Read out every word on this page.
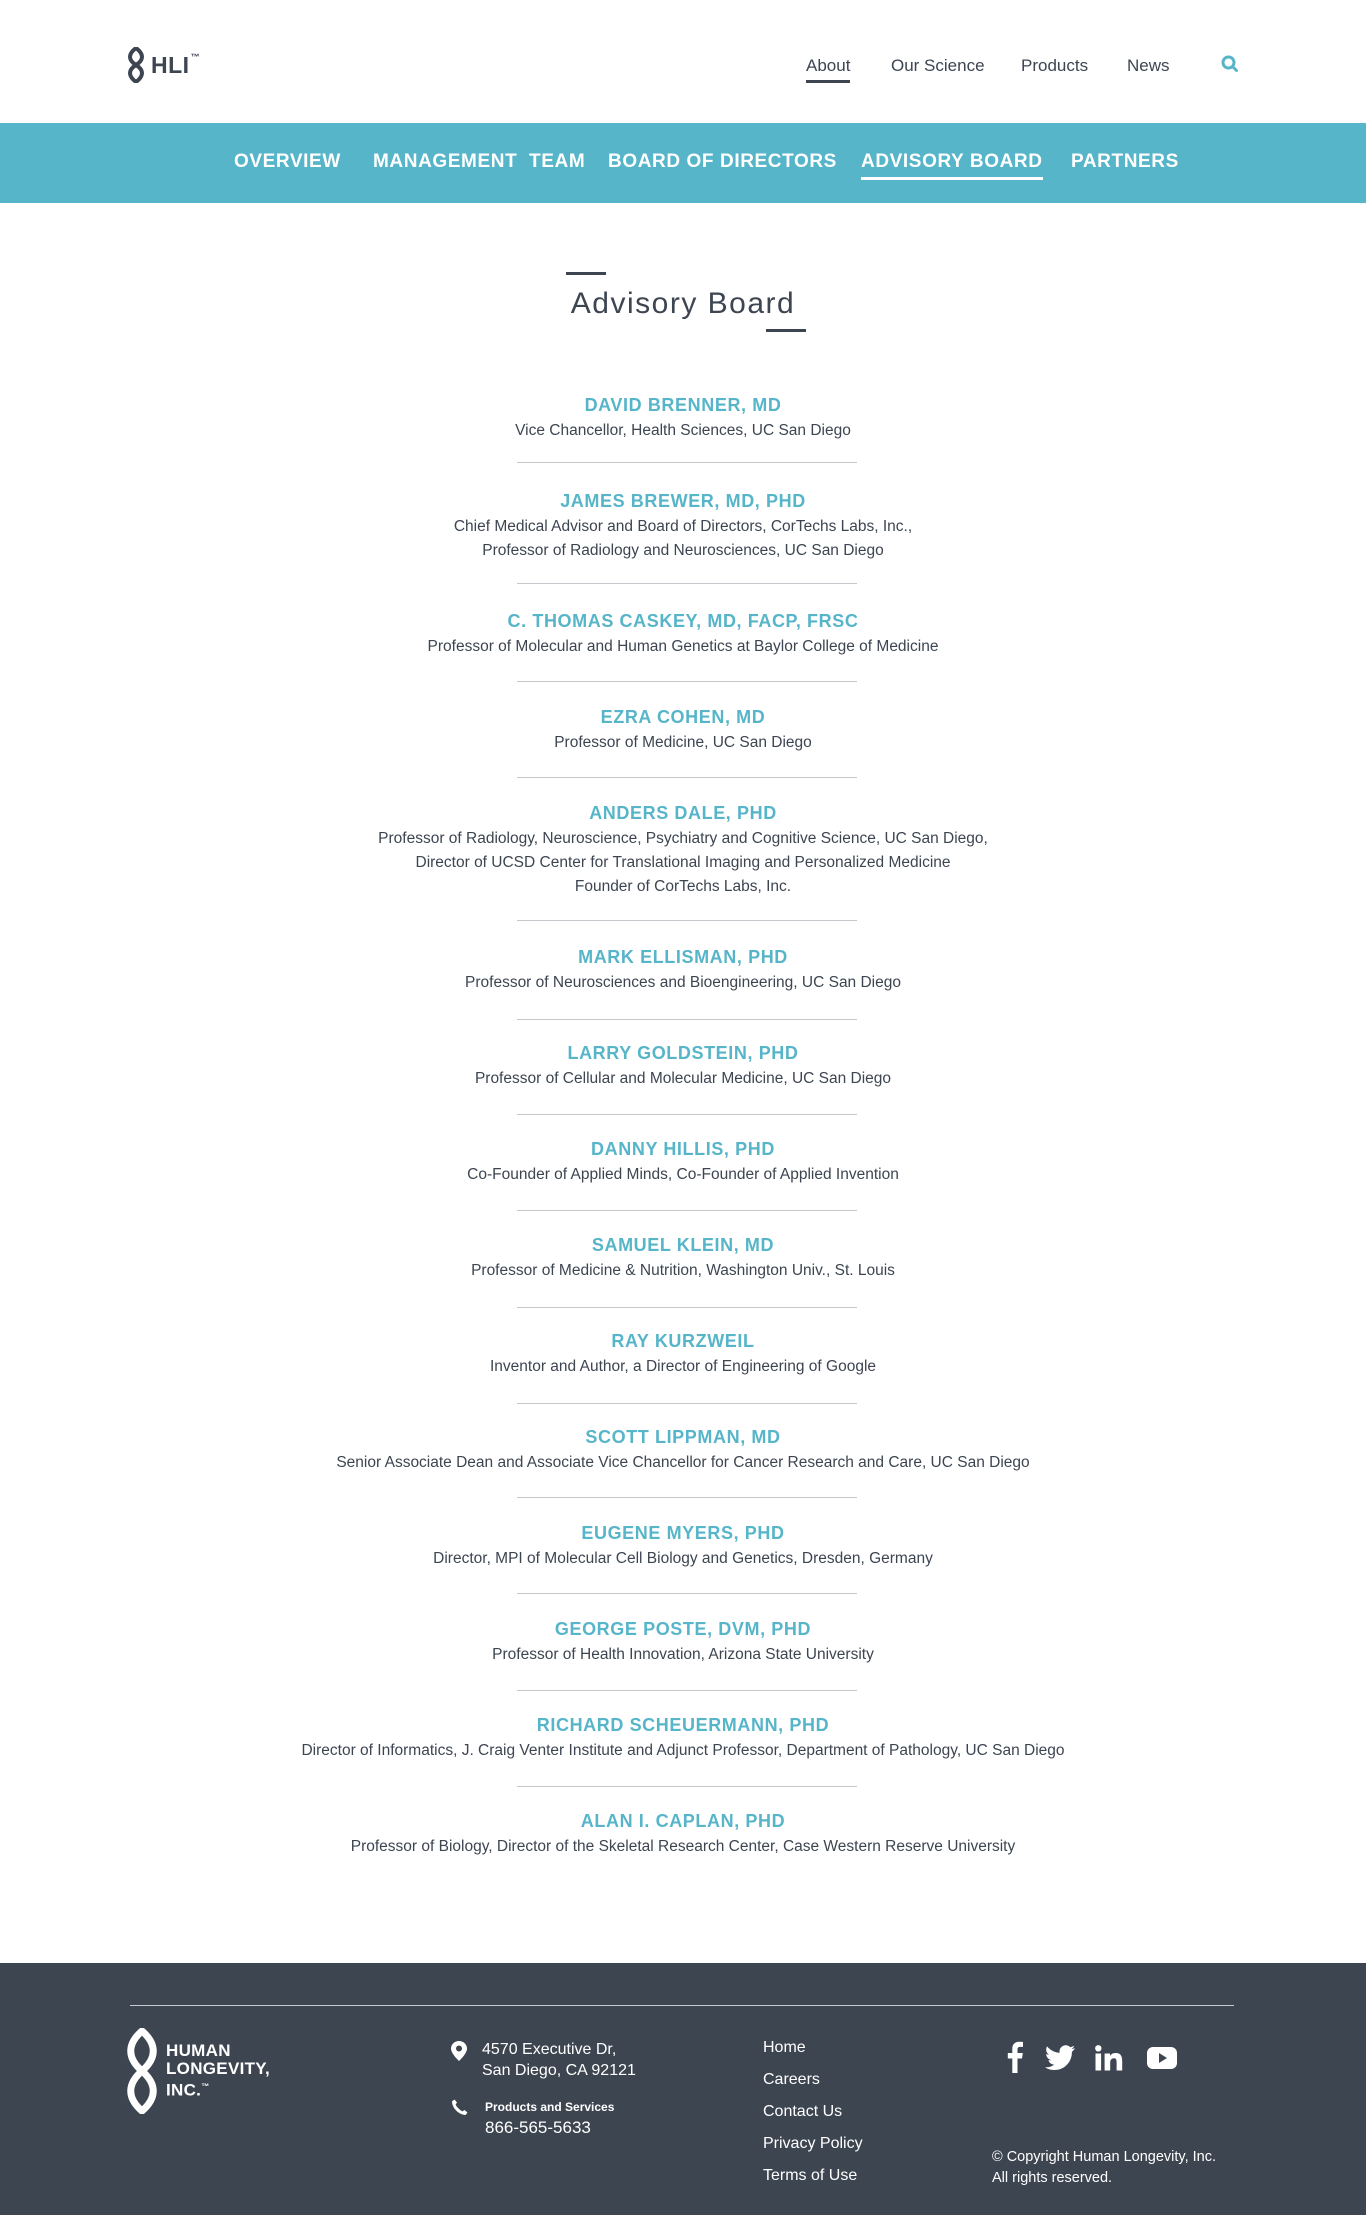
HLI™	About Our Science Products News
OVERVIEW MANAGEMENT  TEAM BOARD OF DIRECTORS ADVISORY BOARD PARTNERS
Advisory Board
DAVID BRENNER, MD
Vice Chancellor, Health Sciences, UC San Diego
JAMES BREWER, MD, PHD
Chief Medical Advisor and Board of Directors, CorTechs Labs, Inc.,
Professor of Radiology and Neurosciences, UC San Diego
C. THOMAS CASKEY, MD, FACP, FRSC
Professor of Molecular and Human Genetics at Baylor College of Medicine
EZRA COHEN, MD
Professor of Medicine, UC San Diego
ANDERS DALE, PHD
Professor of Radiology, Neuroscience, Psychiatry and Cognitive Science, UC San Diego,
Director of UCSD Center for Translational Imaging and Personalized Medicine
Founder of CorTechs Labs, Inc.
MARK ELLISMAN, PHD
Professor of Neurosciences and Bioengineering, UC San Diego
LARRY GOLDSTEIN, PHD
Professor of Cellular and Molecular Medicine, UC San Diego
DANNY HILLIS, PHD
Co-Founder of Applied Minds, Co-Founder of Applied Invention
SAMUEL KLEIN, MD
Professor of Medicine & Nutrition, Washington Univ., St. Louis
RAY KURZWEIL
Inventor and Author, a Director of Engineering of Google
SCOTT LIPPMAN, MD
Senior Associate Dean and Associate Vice Chancellor for Cancer Research and Care, UC San Diego
EUGENE MYERS, PHD
Director, MPI of Molecular Cell Biology and Genetics, Dresden, Germany
GEORGE POSTE, DVM, PHD
Professor of Health Innovation, Arizona State University
RICHARD SCHEUERMANN, PHD
Director of Informatics, J. Craig Venter Institute and Adjunct Professor, Department of Pathology, UC San Diego
ALAN I. CAPLAN, PHD
Professor of Biology, Director of the Skeletal Research Center, Case Western Reserve University
HUMAN
LONGEVITY,
INC.™
4570 Executive Dr,
San Diego, CA 92121
Products and Services
866-565-5633
Home
Careers
Contact Us
Privacy Policy
Terms of Use
© Copyright Human Longevity, Inc.
All rights reserved.
